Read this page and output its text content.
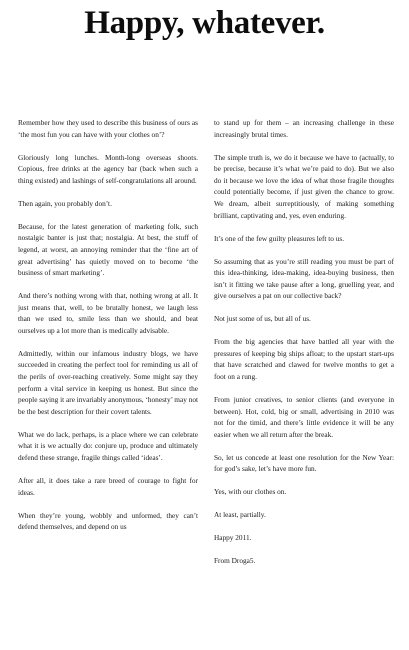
Happy, whatever.

Remember how they used to describe this business of ours as ‘the most fun you can have with your clothes on’?

Gloriously long lunches. Month-long overseas shoots. Copious, free drinks at the agency bar (back when such a thing existed) and lashings of self-congratulations all around.

Then again, you probably don’t.

Because, for the latest generation of marketing folk, such nostalgic banter is just that; nostalgia. At best, the stuff of legend, at worst, an annoying reminder that the ‘fine art of great advertising’ has quietly moved on to become ‘the business of smart marketing’.

And there’s nothing wrong with that, nothing wrong at all. It just means that, well, to be brutally honest, we laugh less than we used to, smile less than we should, and beat ourselves up a lot more than is medically advisable.

Admittedly, within our infamous industry blogs, we have succeeded in creating the perfect tool for reminding us all of the perils of over-reaching creatively. Some might say they perform a vital service in keeping us honest. But since the people saying it are invariably anonymous, ‘honesty’ may not be the best description for their covert talents.

What we do lack, perhaps, is a place where we can celebrate what it is we actually do: conjure up, produce and ultimately defend these strange, fragile things called ‘ideas’.

After all, it does take a rare breed of courage to fight for ideas.

When they’re young, wobbly and unformed, they can’t defend themselves, and depend on us

to stand up for them – an increasing challenge in these increasingly brutal times.

The simple truth is, we do it because we have to (actually, to be precise, because it’s what we’re paid to do). But we also do it because we love the idea of what those fragile thoughts could potentially become, if just given the chance to grow. We dream, albeit surreptitiously, of making something brilliant, captivating and, yes, even enduring.

It’s one of the few guilty pleasures left to us.

So assuming that as you’re still reading you must be part of this idea-thinking, idea-making, idea-buying business, then isn’t it fitting we take pause after a long, gruelling year, and give ourselves a pat on our collective back?

Not just some of us, but all of us.

From the big agencies that have battled all year with the pressures of keeping big ships afloat; to the upstart start-ups that have scratched and clawed for twelve months to get a foot on a rung.

From junior creatives, to senior clients (and everyone in between). Hot, cold, big or small, advertising in 2010 was not for the timid, and there’s little evidence it will be any easier when we all return after the break.

So, let us concede at least one resolution for the New Year: for god’s sake, let’s have more fun.

Yes, with our clothes on.

At least, partially.

Happy 2011.

From Droga5.
